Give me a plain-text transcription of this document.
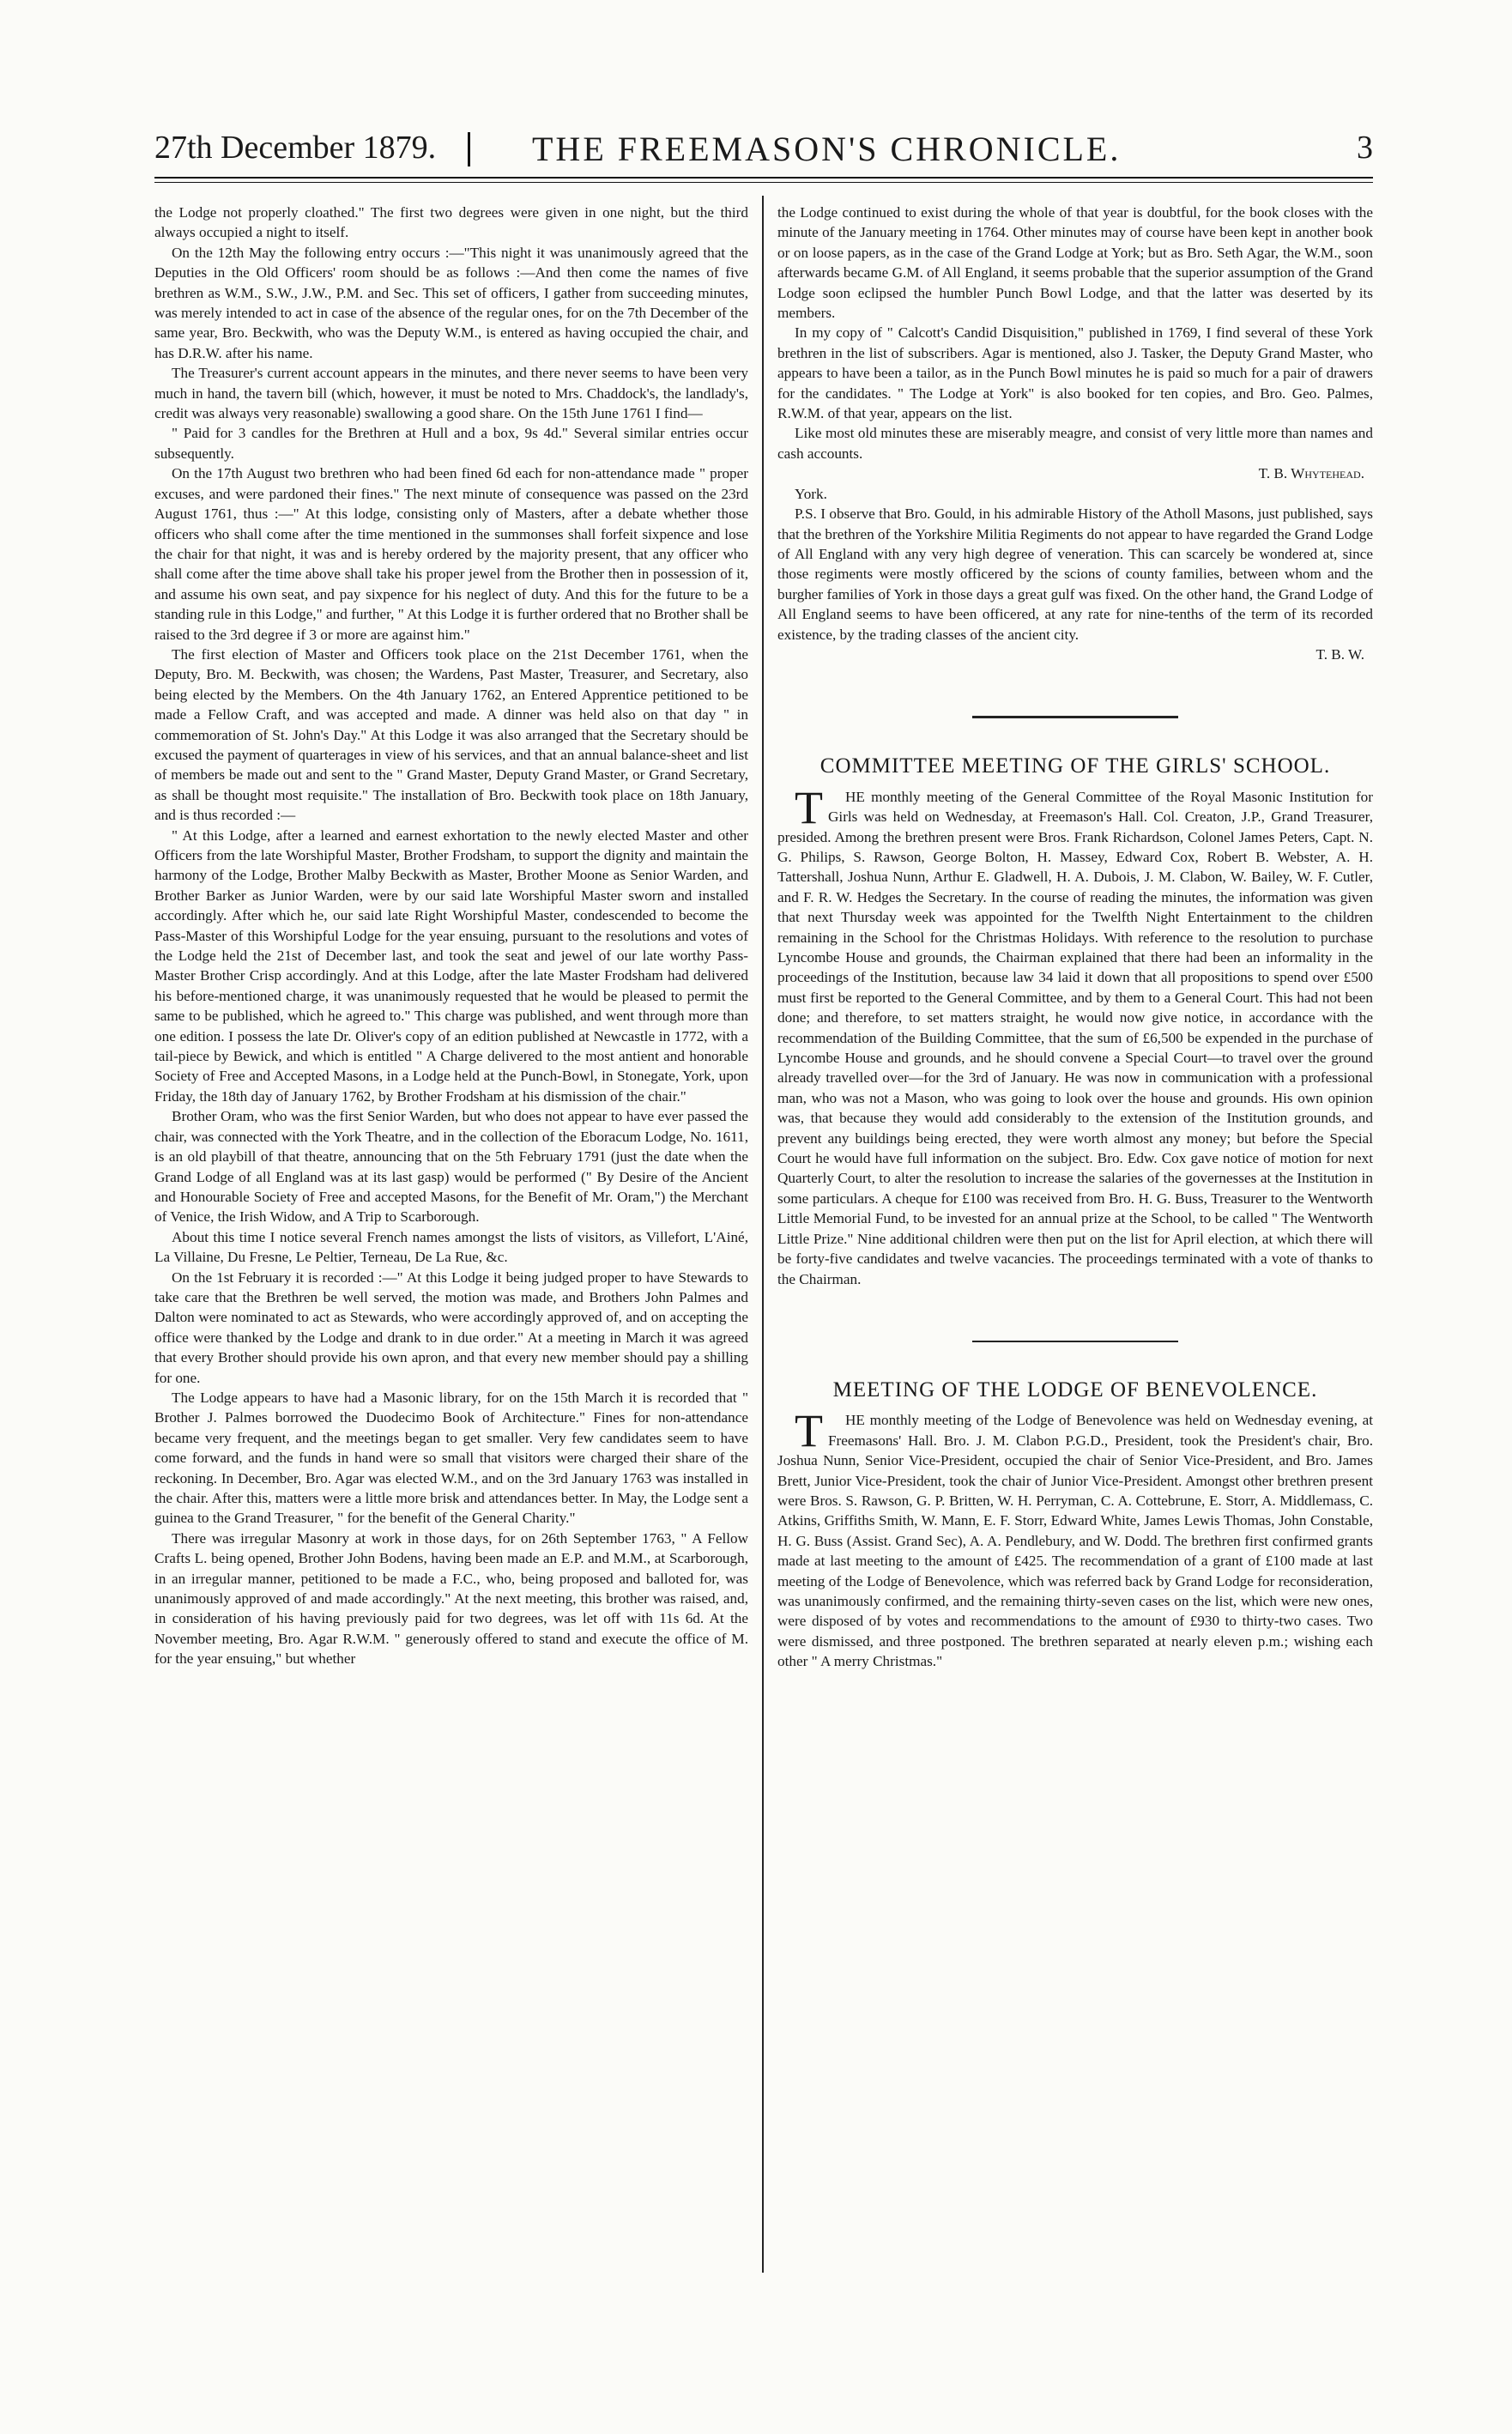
27th December 1879.	THE FREEMASON'S CHRONICLE.	3

the Lodge not properly cloathed." The first two degrees were given in one night, but the third always occupied a night to itself.

On the 12th May the following entry occurs :—"This night it was unanimously agreed that the Deputies in the Old Officers' room should be as follows :—And then come the names of five brethren as W.M., S.W., J.W., P.M. and Sec. This set of officers, I gather from succeeding minutes, was merely intended to act in case of the absence of the regular ones, for on the 7th December of the same year, Bro. Beckwith, who was the Deputy W.M., is entered as having occupied the chair, and has D.R.W. after his name.

The Treasurer's current account appears in the minutes, and there never seems to have been very much in hand, the tavern bill (which, however, it must be noted to Mrs. Chaddock's, the landlady's, credit was always very reasonable) swallowing a good share. On the 15th June 1761 I find—

" Paid for 3 candles for the Brethren at Hull and a box, 9s 4d." Several similar entries occur subsequently.

On the 17th August two brethren who had been fined 6d each for non-attendance made " proper excuses, and were pardoned their fines." The next minute of consequence was passed on the 23rd August 1761, thus :—" At this lodge, consisting only of Masters, after a debate whether those officers who shall come after the time mentioned in the summonses shall forfeit sixpence and lose the chair for that night, it was and is hereby ordered by the majority present, that any officer who shall come after the time above shall take his proper jewel from the Brother then in possession of it, and assume his own seat, and pay sixpence for his neglect of duty. And this for the future to be a standing rule in this Lodge," and further, " At this Lodge it is further ordered that no Brother shall be raised to the 3rd degree if 3 or more are against him."

The first election of Master and Officers took place on the 21st December 1761, when the Deputy, Bro. M. Beckwith, was chosen; the Wardens, Past Master, Treasurer, and Secretary, also being elected by the Members. On the 4th January 1762, an Entered Apprentice petitioned to be made a Fellow Craft, and was accepted and made. A dinner was held also on that day " in commemoration of St. John's Day." At this Lodge it was also arranged that the Secretary should be excused the payment of quarterages in view of his services, and that an annual balance-sheet and list of members be made out and sent to the " Grand Master, Deputy Grand Master, or Grand Secretary, as shall be thought most requisite." The installation of Bro. Beckwith took place on 18th January, and is thus recorded :—

" At this Lodge, after a learned and earnest exhortation to the newly elected Master and other Officers from the late Worshipful Master, Brother Frodsham, to support the dignity and maintain the harmony of the Lodge, Brother Malby Beckwith as Master, Brother Moone as Senior Warden, and Brother Barker as Junior Warden, were by our said late Worshipful Master sworn and installed accordingly. After which he, our said late Right Worshipful Master, condescended to become the Pass-Master of this Worshipful Lodge for the year ensuing, pursuant to the resolutions and votes of the Lodge held the 21st of December last, and took the seat and jewel of our late worthy Pass-Master Brother Crisp accordingly. And at this Lodge, after the late Master Frodsham had delivered his before-mentioned charge, it was unanimously requested that he would be pleased to permit the same to be published, which he agreed to." This charge was published, and went through more than one edition. I possess the late Dr. Oliver's copy of an edition published at Newcastle in 1772, with a tail-piece by Bewick, and which is entitled " A Charge delivered to the most antient and honorable Society of Free and Accepted Masons, in a Lodge held at the Punch-Bowl, in Stonegate, York, upon Friday, the 18th day of January 1762, by Brother Frodsham at his dismission of the chair."

Brother Oram, who was the first Senior Warden, but who does not appear to have ever passed the chair, was connected with the York Theatre, and in the collection of the Eboracum Lodge, No. 1611, is an old playbill of that theatre, announcing that on the 5th February 1791 (just the date when the Grand Lodge of all England was at its last gasp) would be performed (" By Desire of the Ancient and Honourable Society of Free and accepted Masons, for the Benefit of Mr. Oram,") the Merchant of Venice, the Irish Widow, and A Trip to Scarborough.

About this time I notice several French names amongst the lists of visitors, as Villefort, L'Ainé, La Villaine, Du Fresne, Le Peltier, Terneau, De La Rue, &c.

On the 1st February it is recorded :—" At this Lodge it being judged proper to have Stewards to take care that the Brethren be well served, the motion was made, and Brothers John Palmes and Dalton were nominated to act as Stewards, who were accordingly approved of, and on accepting the office were thanked by the Lodge and drank to in due order." At a meeting in March it was agreed that every Brother should provide his own apron, and that every new member should pay a shilling for one.

The Lodge appears to have had a Masonic library, for on the 15th March it is recorded that " Brother J. Palmes borrowed the Duodecimo Book of Architecture." Fines for non-attendance became very frequent, and the meetings began to get smaller. Very few candidates seem to have come forward, and the funds in hand were so small that visitors were charged their share of the reckoning. In December, Bro. Agar was elected W.M., and on the 3rd January 1763 was installed in the chair. After this, matters were a little more brisk and attendances better. In May, the Lodge sent a guinea to the Grand Treasurer, " for the benefit of the General Charity."

There was irregular Masonry at work in those days, for on 26th September 1763, " A Fellow Crafts L. being opened, Brother John Bodens, having been made an E.P. and M.M., at Scarborough, in an irregular manner, petitioned to be made a F.C., who, being proposed and balloted for, was unanimously approved of and made accordingly." At the next meeting, this brother was raised, and, in consideration of his having previously paid for two degrees, was let off with 11s 6d. At the November meeting, Bro. Agar R.W.M. " generously offered to stand and execute the office of M. for the year ensuing," but whether

the Lodge continued to exist during the whole of that year is doubtful, for the book closes with the minute of the January meeting in 1764. Other minutes may of course have been kept in another book or on loose papers, as in the case of the Grand Lodge at York; but as Bro. Seth Agar, the W.M., soon afterwards became G.M. of All England, it seems probable that the superior assumption of the Grand Lodge soon eclipsed the humbler Punch Bowl Lodge, and that the latter was deserted by its members.

In my copy of " Calcott's Candid Disquisition," published in 1769, I find several of these York brethren in the list of subscribers. Agar is mentioned, also J. Tasker, the Deputy Grand Master, who appears to have been a tailor, as in the Punch Bowl minutes he is paid so much for a pair of drawers for the candidates. " The Lodge at York" is also booked for ten copies, and Bro. Geo. Palmes, R.W.M. of that year, appears on the list.

Like most old minutes these are miserably meagre, and consist of very little more than names and cash accounts.

T. B. Whytehead.

York.

P.S. I observe that Bro. Gould, in his admirable History of the Atholl Masons, just published, says that the brethren of the Yorkshire Militia Regiments do not appear to have regarded the Grand Lodge of All England with any very high degree of veneration. This can scarcely be wondered at, since those regiments were mostly officered by the scions of county families, between whom and the burgher families of York in those days a great gulf was fixed. On the other hand, the Grand Lodge of All England seems to have been officered, at any rate for nine-tenths of the term of its recorded existence, by the trading classes of the ancient city.

T. B. W.

COMMITTEE MEETING OF THE GIRLS' SCHOOL.

T HE monthly meeting of the General Committee of the Royal Masonic Institution for Girls was held on Wednesday, at Freemason's Hall. Col. Creaton, J.P., Grand Treasurer, presided. Among the brethren present were Bros. Frank Richardson, Colonel James Peters, Capt. N. G. Philips, S. Rawson, George Bolton, H. Massey, Edward Cox, Robert B. Webster, A. H. Tattershall, Joshua Nunn, Arthur E. Gladwell, H. A. Dubois, J. M. Clabon, W. Bailey, W. F. Cutler, and F. R. W. Hedges the Secretary. In the course of reading the minutes, the information was given that next Thursday week was appointed for the Twelfth Night Entertainment to the children remaining in the School for the Christmas Holidays. With reference to the resolution to purchase Lyncombe House and grounds, the Chairman explained that there had been an informality in the proceedings of the Institution, because law 34 laid it down that all propositions to spend over £500 must first be reported to the General Committee, and by them to a General Court. This had not been done; and therefore, to set matters straight, he would now give notice, in accordance with the recommendation of the Building Committee, that the sum of £6,500 be expended in the purchase of Lyncombe House and grounds, and he should convene a Special Court—to travel over the ground already travelled over—for the 3rd of January. He was now in communication with a professional man, who was not a Mason, who was going to look over the house and grounds. His own opinion was, that because they would add considerably to the extension of the Institution grounds, and prevent any buildings being erected, they were worth almost any money; but before the Special Court he would have full information on the subject. Bro. Edw. Cox gave notice of motion for next Quarterly Court, to alter the resolution to increase the salaries of the governesses at the Institution in some particulars. A cheque for £100 was received from Bro. H. G. Buss, Treasurer to the Wentworth Little Memorial Fund, to be invested for an annual prize at the School, to be called " The Wentworth Little Prize." Nine additional children were then put on the list for April election, at which there will be forty-five candidates and twelve vacancies. The proceedings terminated with a vote of thanks to the Chairman.

MEETING OF THE LODGE OF BENEVOLENCE.

T HE monthly meeting of the Lodge of Benevolence was held on Wednesday evening, at Freemasons' Hall. Bro. J. M. Clabon P.G.D., President, took the President's chair, Bro. Joshua Nunn, Senior Vice-President, occupied the chair of Senior Vice-President, and Bro. James Brett, Junior Vice-President, took the chair of Junior Vice-President. Amongst other brethren present were Bros. S. Rawson, G. P. Britten, W. H. Perryman, C. A. Cottebrune, E. Storr, A. Middlemass, C. Atkins, Griffiths Smith, W. Mann, E. F. Storr, Edward White, James Lewis Thomas, John Constable, H. G. Buss (Assist. Grand Sec), A. A. Pendlebury, and W. Dodd. The brethren first confirmed grants made at last meeting to the amount of £425. The recommendation of a grant of £100 made at last meeting of the Lodge of Benevolence, which was referred back by Grand Lodge for reconsideration, was unanimously confirmed, and the remaining thirty-seven cases on the list, which were new ones, were disposed of by votes and recommendations to the amount of £930 to thirty-two cases. Two were dismissed, and three postponed. The brethren separated at nearly eleven p.m.; wishing each other " A merry Christmas."
